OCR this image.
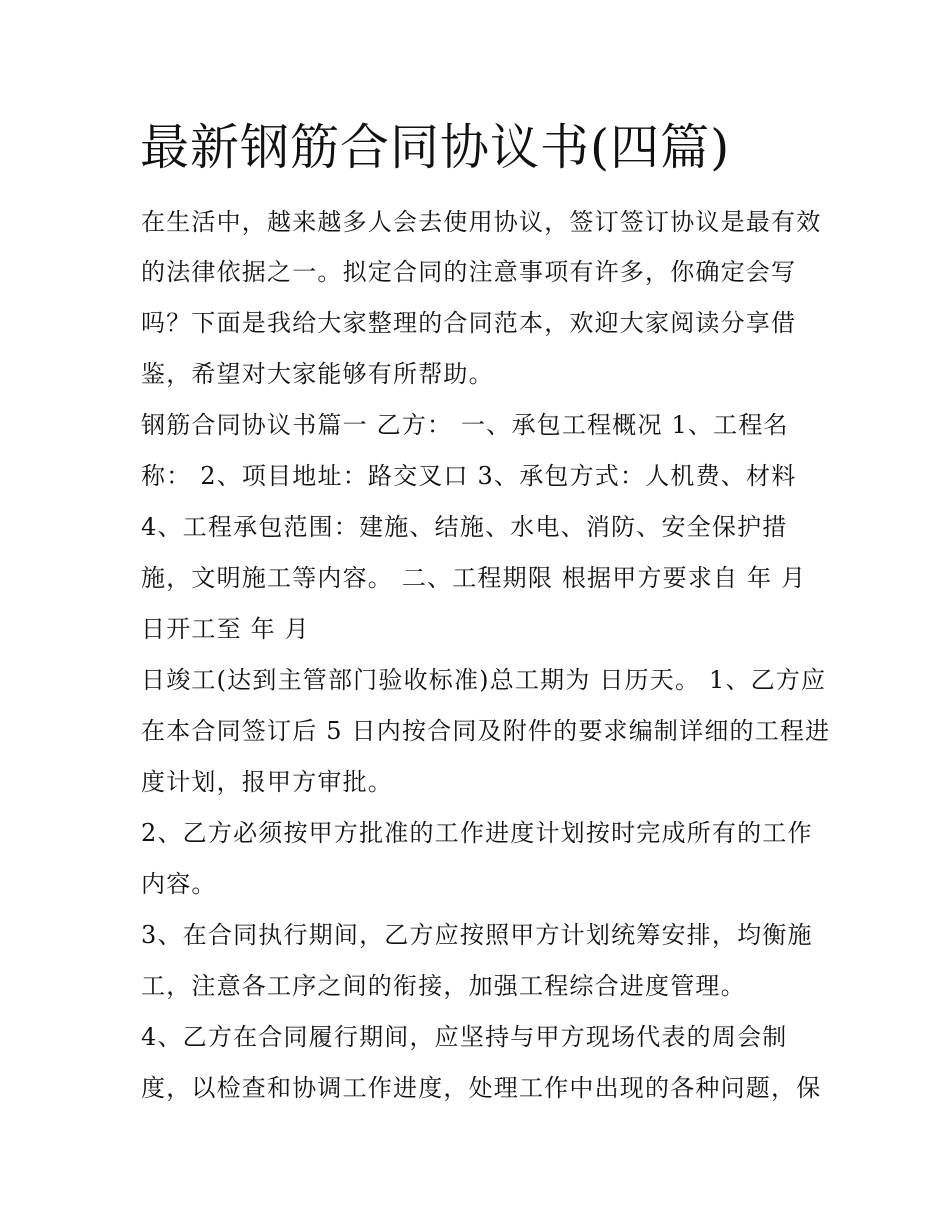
最新钢筋合同协议书(四篇)
在生活中，越来越多人会去使用协议，签订签订协议是最有效
的法律依据之一。拟定合同的注意事项有许多，你确定会写
吗？下面是我给大家整理的合同范本，欢迎大家阅读分享借
鉴，希望对大家能够有所帮助。
钢筋合同协议书篇一 乙方： 一、承包工程概况 1、工程名
称： 2、项目地址：路交叉口 3、承包方式：人机费、材料
4、工程承包范围：建施、结施、水电、消防、安全保护措
施，文明施工等内容。 二、工程期限 根据甲方要求自 年 月
日开工至 年 月
日竣工(达到主管部门验收标准)总工期为 日历天。 1、乙方应
在本合同签订后 5 日内按合同及附件的要求编制详细的工程进
度计划，报甲方审批。
2、乙方必须按甲方批准的工作进度计划按时完成所有的工作
内容。
3、在合同执行期间，乙方应按照甲方计划统筹安排，均衡施
工，注意各工序之间的衔接，加强工程综合进度管理。
4、乙方在合同履行期间，应坚持与甲方现场代表的周会制
度，以检查和协调工作进度，处理工作中出现的各种问题，保
